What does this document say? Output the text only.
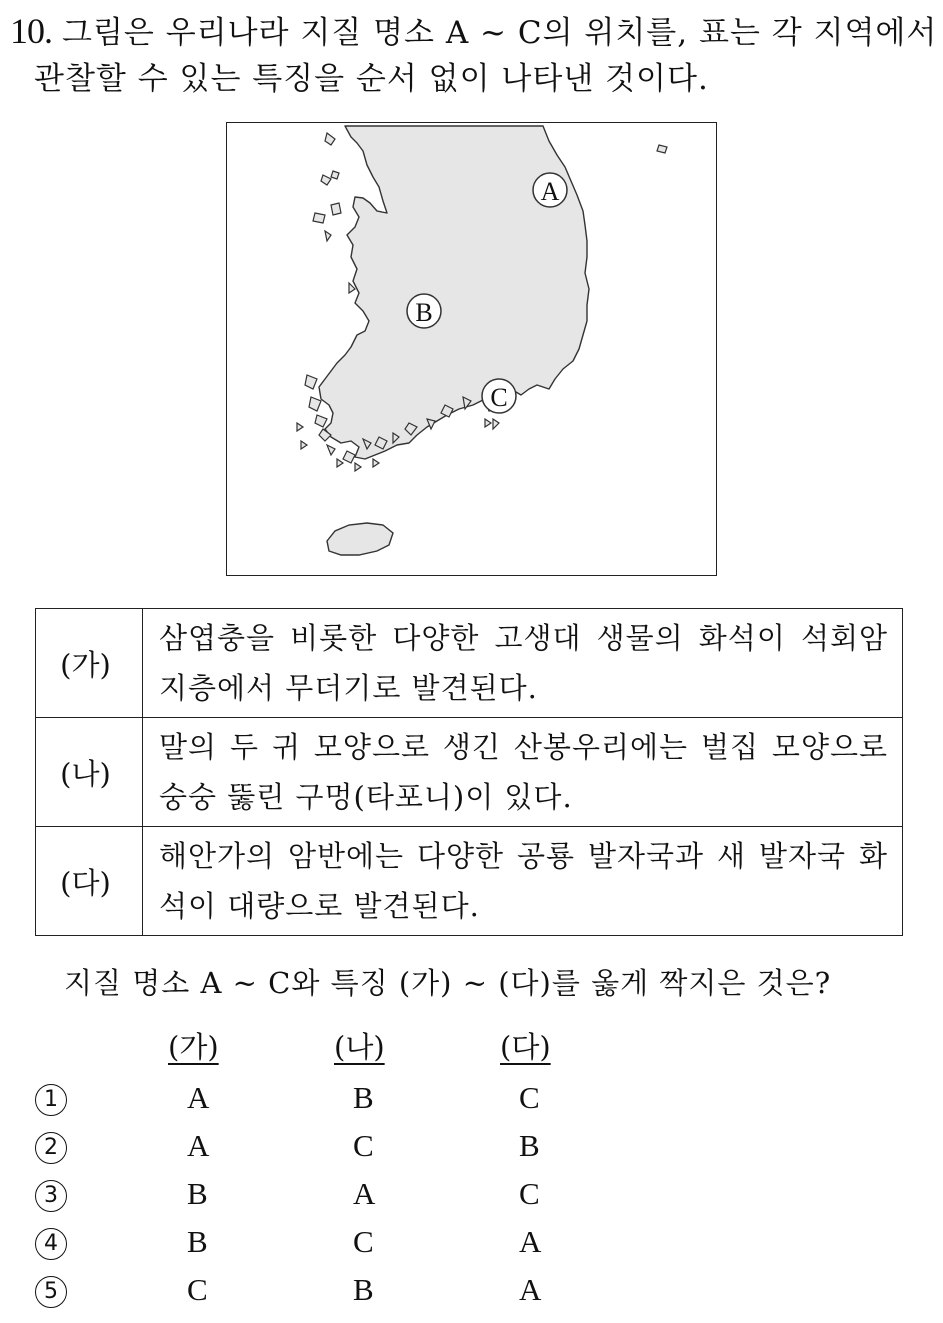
10. 그림은 우리나라 지질 명소 A ~ C의 위치를, 표는 각 지역에서
관찰할 수 있는 특징을 순서 없이 나타낸 것이다.
A
B
C
(가)	삼엽충을 비롯한 다양한 고생대 생물의 화석이 석회암 지층에서 무더기로 발견된다.
(나)	말의 두 귀 모양으로 생긴 산봉우리에는 벌집 모양으로 숭숭 뚫린 구멍(타포니)이 있다.
(다)	해안가의 암반에는 다양한 공룡 발자국과 새 발자국 화석이 대량으로 발견된다.
지질 명소 A ~ C와 특징 (가) ~ (다)를 옳게 짝지은 것은?
(가)	(나)	(다)
1	A	B	C
2	A	C	B
3	B	A	C
4	B	C	A
5	C	B	A
